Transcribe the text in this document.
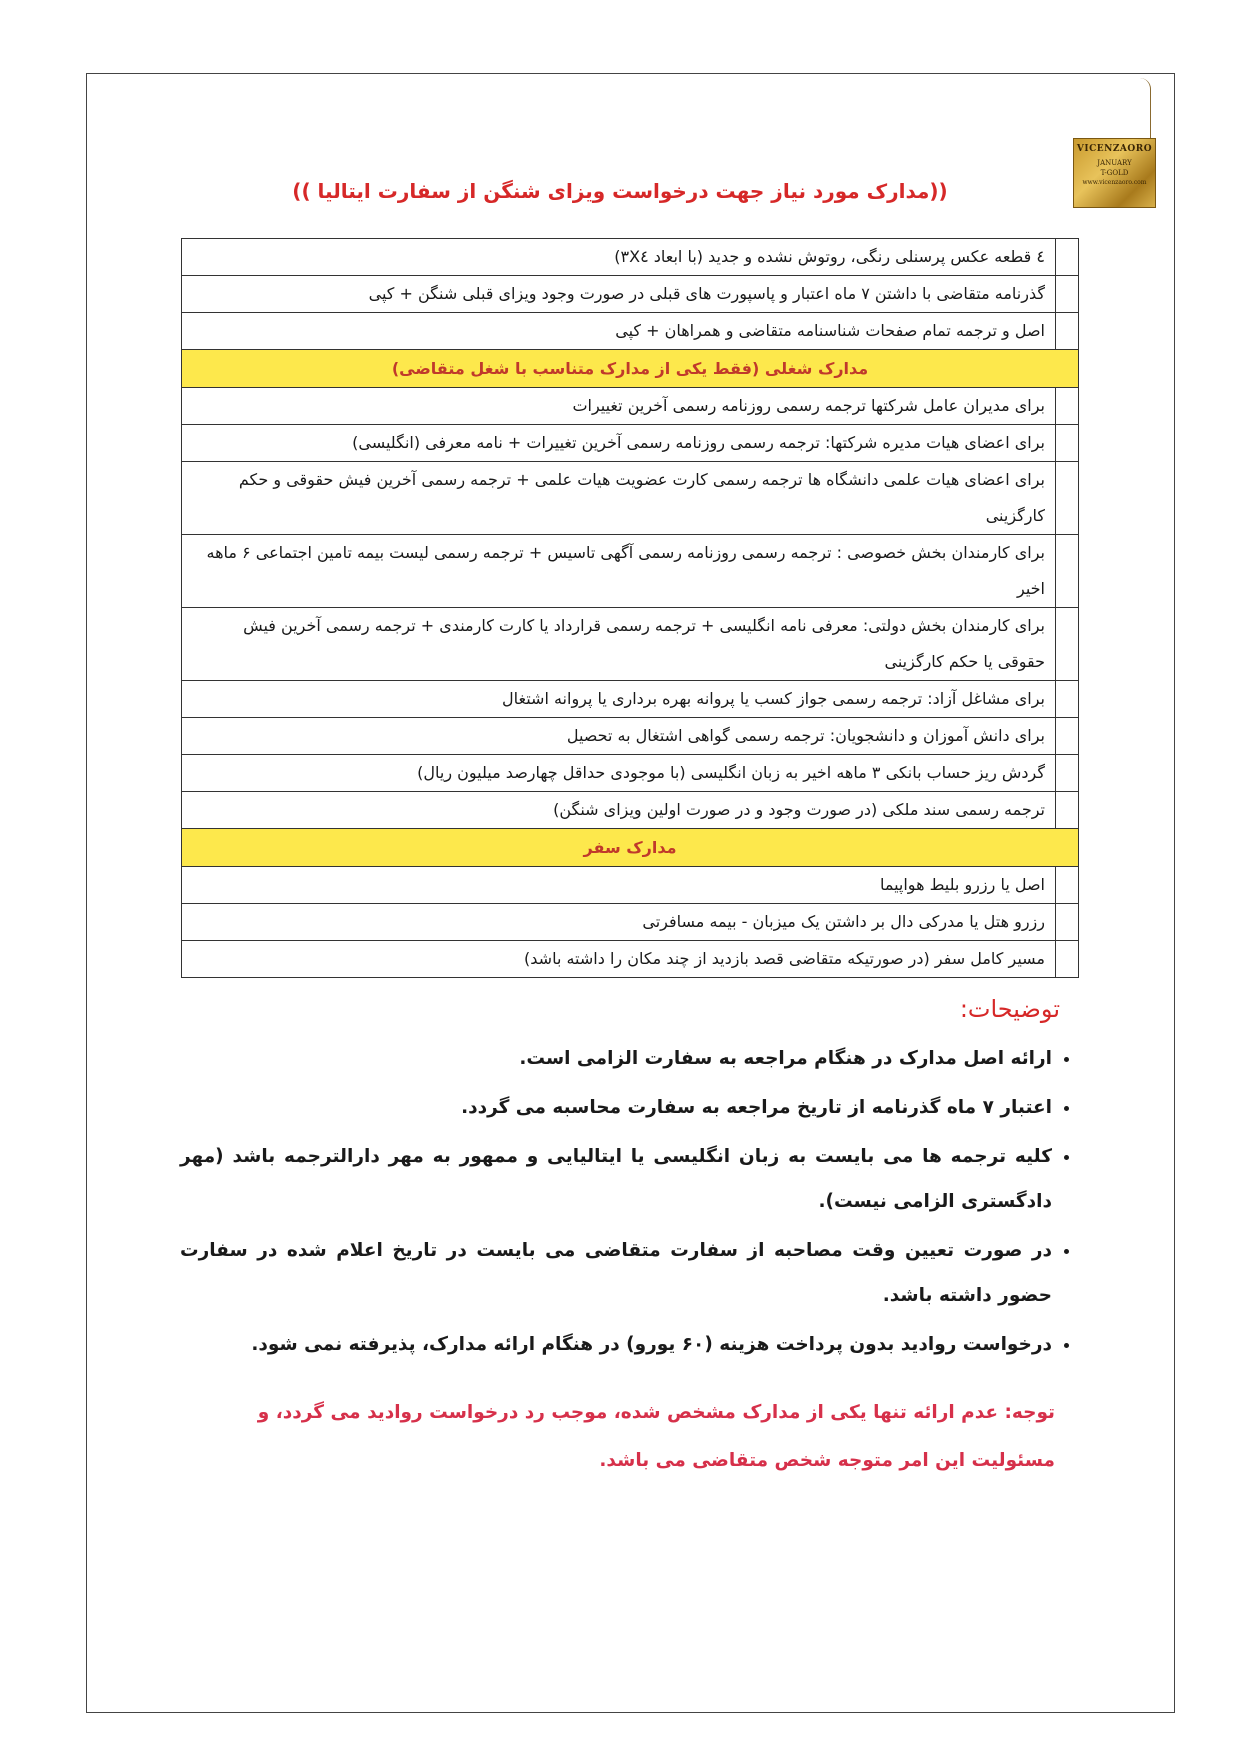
VICENZAORO
JANUARY
T-GOLD
www.vicenzaoro.com
((مدارک مورد نیاز جهت درخواست ویزای شنگن از سفارت ایتالیا ))
	٤ قطعه عکس پرسنلی رنگی، روتوش نشده و جدید (با ابعاد ٣X٤)
	گذرنامه متقاضی با داشتن ۷ ماه اعتبار و پاسپورت های قبلی در صورت وجود ویزای قبلی شنگن + کپی
	اصل و ترجمه تمام صفحات شناسنامه متقاضی و همراهان + کپی
مدارک شغلی (فقط یکی از مدارک متناسب با شغل متقاضی)	
	برای مدیران عامل شرکتها ترجمه رسمی روزنامه رسمی آخرین تغییرات
	برای اعضای هیات مدیره شرکتها: ترجمه رسمی روزنامه رسمی آخرین تغییرات + نامه معرفی (انگلیسی)
	برای اعضای هیات علمی دانشگاه ها ترجمه رسمی کارت عضویت هیات علمی + ترجمه رسمی آخرین فیش حقوقی و حکم کارگزینی
	برای کارمندان بخش خصوصی : ترجمه رسمی روزنامه رسمی آگهی تاسیس + ترجمه رسمی لیست بیمه تامین اجتماعی ۶ ماهه اخیر
	برای کارمندان بخش دولتی: معرفی نامه انگلیسی + ترجمه رسمی قرارداد یا کارت کارمندی + ترجمه رسمی آخرین فیش حقوقی یا حکم کارگزینی
	برای مشاغل آزاد: ترجمه رسمی جواز کسب یا پروانه بهره برداری یا پروانه اشتغال
	برای دانش آموزان و دانشجویان: ترجمه رسمی گواهی اشتغال به تحصیل
	گردش ریز حساب بانکی ۳ ماهه اخیر به زبان انگلیسی (با موجودی حداقل چهارصد میلیون ریال)
	ترجمه رسمی سند ملکی (در صورت وجود و در صورت اولین ویزای شنگن)
مدارک سفر	
	اصل یا رزرو بلیط هواپیما
	رزرو هتل یا مدرکی دال بر داشتن یک میزبان - بیمه مسافرتی
	مسیر کامل سفر (در صورتیکه متقاضی قصد بازدید از چند مکان را داشته باشد)
توضیحات:
• ارائه اصل مدارک در هنگام مراجعه به سفارت الزامی است.
• اعتبار ۷ ماه گذرنامه از تاریخ مراجعه به سفارت محاسبه می گردد.
• کلیه ترجمه ها می بایست به زبان انگلیسی یا ایتالیایی و ممهور به مهر دارالترجمه باشد (مهر دادگستری الزامی نیست).
• در صورت تعیین وقت مصاحبه از سفارت متقاضی می بایست در تاریخ اعلام شده در سفارت حضور داشته باشد.
• درخواست روادید بدون پرداخت هزینه (۶۰ یورو) در هنگام ارائه مدارک، پذیرفته نمی شود.
توجه: عدم ارائه تنها یکی از مدارک مشخص شده، موجب رد درخواست روادید می گردد، و مسئولیت این امر متوجه شخص متقاضی می باشد.
